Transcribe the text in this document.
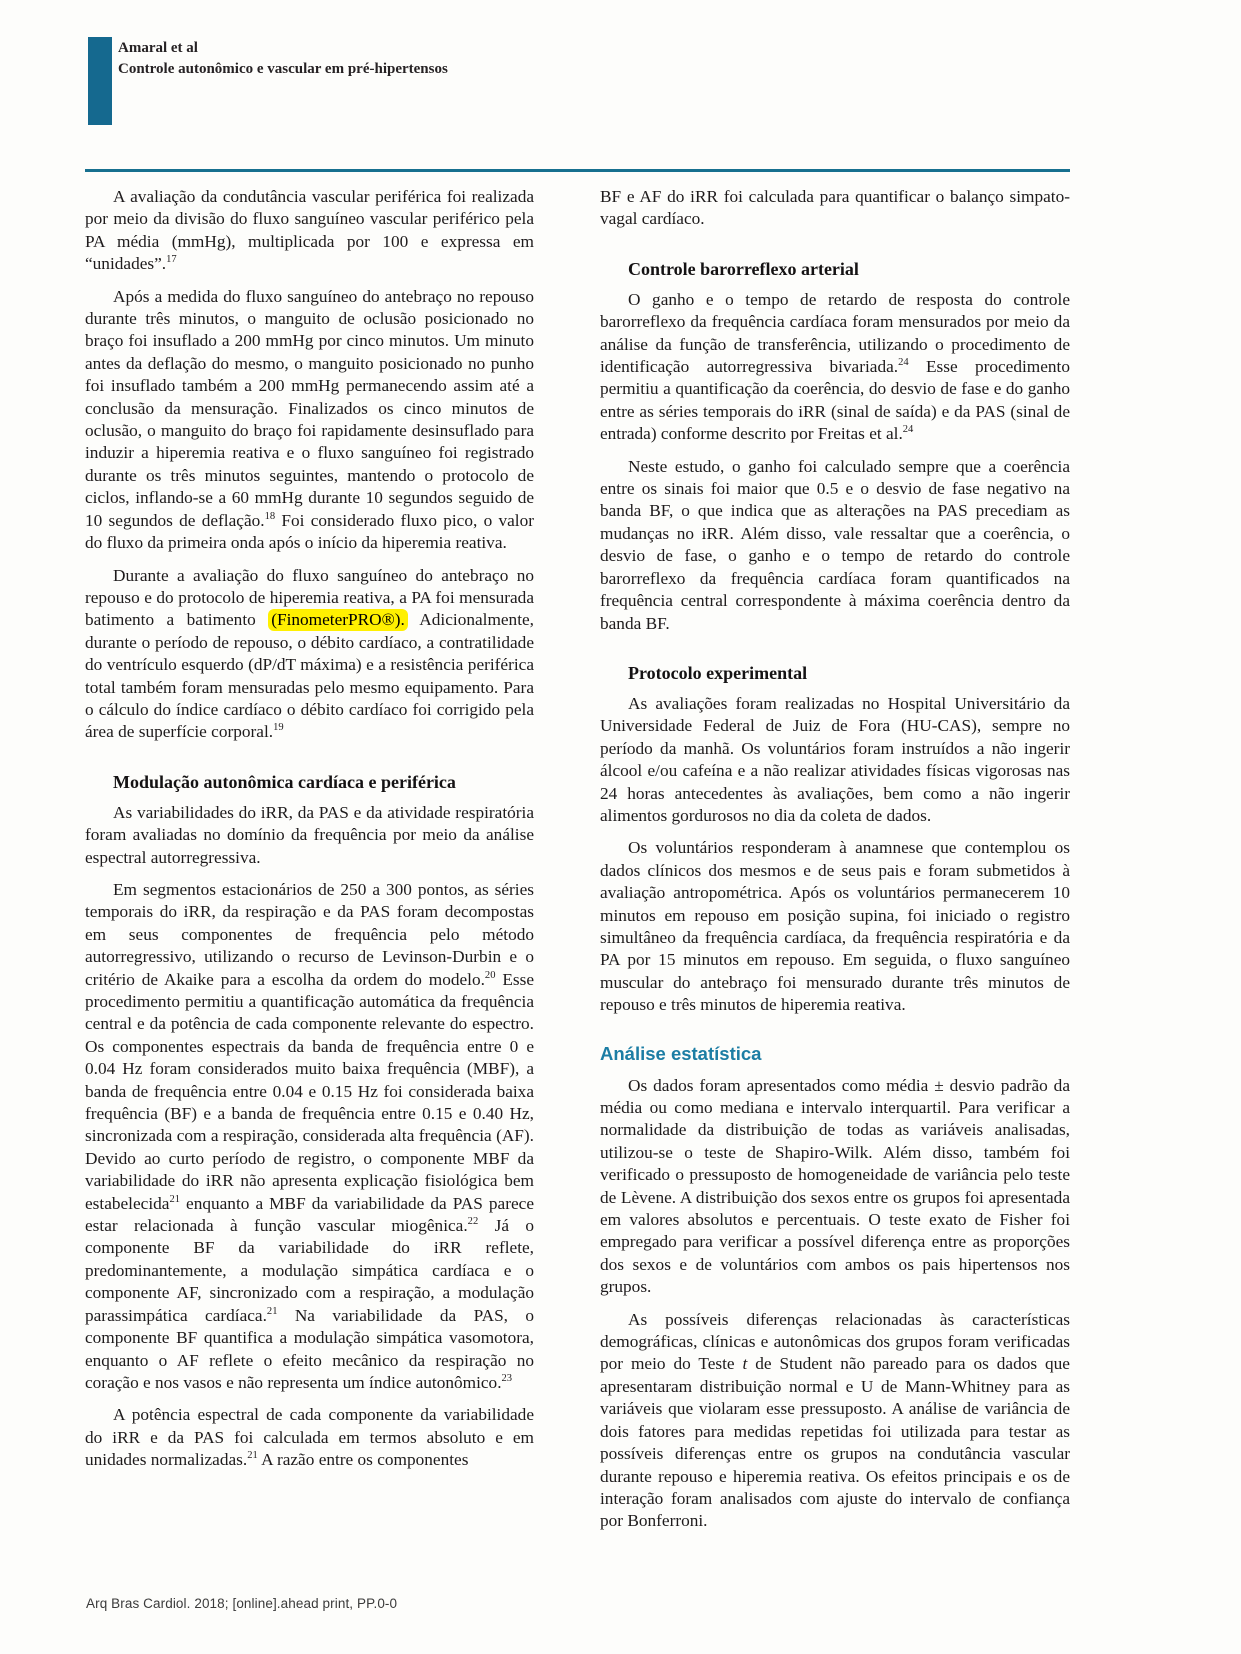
Amaral et al
Controle autonômico e vascular em pré-hipertensos

A avaliação da condutância vascular periférica foi realizada por meio da divisão do fluxo sanguíneo vascular periférico pela PA média (mmHg), multiplicada por 100 e expressa em “unidades”.$^{17}$

Após a medida do fluxo sanguíneo do antebraço no repouso durante três minutos, o manguito de oclusão posicionado no braço foi insuflado a 200 mmHg por cinco minutos. Um minuto antes da deflação do mesmo, o manguito posicionado no punho foi insuflado também a 200 mmHg permanecendo assim até a conclusão da mensuração. Finalizados os cinco minutos de oclusão, o manguito do braço foi rapidamente desinsuflado para induzir a hiperemia reativa e o fluxo sanguíneo foi registrado durante os três minutos seguintes, mantendo o protocolo de ciclos, inflando-se a 60 mmHg durante 10 segundos seguido de 10 segundos de deflação.$^{18}$ Foi considerado fluxo pico, o valor do fluxo da primeira onda após o início da hiperemia reativa.

Durante a avaliação do fluxo sanguíneo do antebraço no repouso e do protocolo de hiperemia reativa, a PA foi mensurada batimento a batimento (FinometerPRO®). Adicionalmente, durante o período de repouso, o débito cardíaco, a contratilidade do ventrículo esquerdo (dP/dT máxima) e a resistência periférica total também foram mensuradas pelo mesmo equipamento. Para o cálculo do índice cardíaco o débito cardíaco foi corrigido pela área de superfície corporal.$^{19}$

Modulação autonômica cardíaca e periférica

As variabilidades do iRR, da PAS e da atividade respiratória foram avaliadas no domínio da frequência por meio da análise espectral autorregressiva.

Em segmentos estacionários de 250 a 300 pontos, as séries temporais do iRR, da respiração e da PAS foram decompostas em seus componentes de frequência pelo método autorregressivo, utilizando o recurso de Levinson-Durbin e o critério de Akaike para a escolha da ordem do modelo.$^{20}$ Esse procedimento permitiu a quantificação automática da frequência central e da potência de cada componente relevante do espectro. Os componentes espectrais da banda de frequência entre 0 e 0.04 Hz foram considerados muito baixa frequência (MBF), a banda de frequência entre 0.04 e 0.15 Hz foi considerada baixa frequência (BF) e a banda de frequência entre 0.15 e 0.40 Hz, sincronizada com a respiração, considerada alta frequência (AF). Devido ao curto período de registro, o componente MBF da variabilidade do iRR não apresenta explicação fisiológica bem estabelecida$^{21}$ enquanto a MBF da variabilidade da PAS parece estar relacionada à função vascular miogênica.$^{22}$ Já o componente BF da variabilidade do iRR reflete, predominantemente, a modulação simpática cardíaca e o componente AF, sincronizado com a respiração, a modulação parassimpática cardíaca.$^{21}$ Na variabilidade da PAS, o componente BF quantifica a modulação simpática vasomotora, enquanto o AF reflete o efeito mecânico da respiração no coração e nos vasos e não representa um índice autonômico.$^{23}$

A potência espectral de cada componente da variabilidade do iRR e da PAS foi calculada em termos absoluto e em unidades normalizadas.$^{21}$ A razão entre os componentes

BF e AF do iRR foi calculada para quantificar o balanço simpato-vagal cardíaco.

Controle barorreflexo arterial

O ganho e o tempo de retardo de resposta do controle barorreflexo da frequência cardíaca foram mensurados por meio da análise da função de transferência, utilizando o procedimento de identificação autorregressiva bivariada.$^{24}$ Esse procedimento permitiu a quantificação da coerência, do desvio de fase e do ganho entre as séries temporais do iRR (sinal de saída) e da PAS (sinal de entrada) conforme descrito por Freitas et al.$^{24}$

Neste estudo, o ganho foi calculado sempre que a coerência entre os sinais foi maior que 0.5 e o desvio de fase negativo na banda BF, o que indica que as alterações na PAS precediam as mudanças no iRR. Além disso, vale ressaltar que a coerência, o desvio de fase, o ganho e o tempo de retardo do controle barorreflexo da frequência cardíaca foram quantificados na frequência central correspondente à máxima coerência dentro da banda BF.

Protocolo experimental

As avaliações foram realizadas no Hospital Universitário da Universidade Federal de Juiz de Fora (HU-CAS), sempre no período da manhã. Os voluntários foram instruídos a não ingerir álcool e/ou cafeína e a não realizar atividades físicas vigorosas nas 24 horas antecedentes às avaliações, bem como a não ingerir alimentos gordurosos no dia da coleta de dados.

Os voluntários responderam à anamnese que contemplou os dados clínicos dos mesmos e de seus pais e foram submetidos à avaliação antropométrica. Após os voluntários permanecerem 10 minutos em repouso em posição supina, foi iniciado o registro simultâneo da frequência cardíaca, da frequência respiratória e da PA por 15 minutos em repouso. Em seguida, o fluxo sanguíneo muscular do antebraço foi mensurado durante três minutos de repouso e três minutos de hiperemia reativa.

Análise estatística

Os dados foram apresentados como média ± desvio padrão da média ou como mediana e intervalo interquartil. Para verificar a normalidade da distribuição de todas as variáveis analisadas, utilizou-se o teste de Shapiro-Wilk. Além disso, também foi verificado o pressuposto de homogeneidade de variância pelo teste de Lèvene. A distribuição dos sexos entre os grupos foi apresentada em valores absolutos e percentuais. O teste exato de Fisher foi empregado para verificar a possível diferença entre as proporções dos sexos e de voluntários com ambos os pais hipertensos nos grupos.

As possíveis diferenças relacionadas às características demográficas, clínicas e autonômicas dos grupos foram verificadas por meio do Teste t de Student não pareado para os dados que apresentaram distribuição normal e U de Mann-Whitney para as variáveis que violaram esse pressuposto. A análise de variância de dois fatores para medidas repetidas foi utilizada para testar as possíveis diferenças entre os grupos na condutância vascular durante repouso e hiperemia reativa. Os efeitos principais e os de interação foram analisados com ajuste do intervalo de confiança por Bonferroni.

Arq Bras Cardiol. 2018; [online].ahead print, PP.0-0
